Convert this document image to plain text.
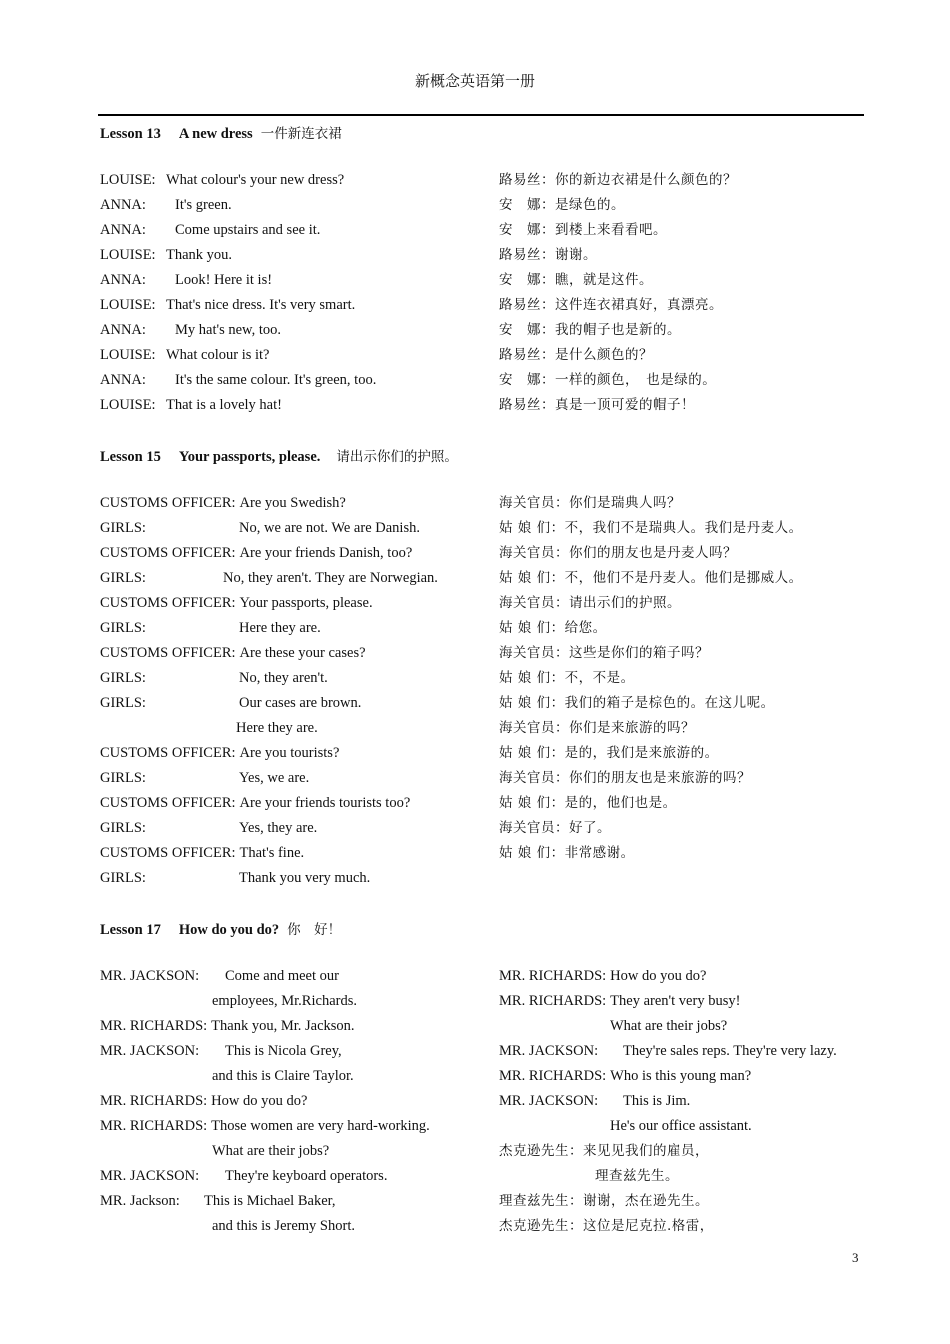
新概念英语第一册
Lesson 13 A new dress 一件新连衣裙
Lesson 15 Your passports, please. 请出示你们的护照。
Lesson 17 How do you do? 你　好！
LOUISE: What colour's your new dress?
ANNA: It's green.
ANNA: Come upstairs and see it.
LOUISE: Thank you.
ANNA: Look! Here it is!
LOUISE: That's nice dress. It's very smart.
ANNA: My hat's new, too.
LOUISE: What colour is it?
ANNA: It's the same colour. It's green, too.
LOUISE: That is a lovely hat!
路易丝：你的新边衣裙是什么颜色的？
安　娜：是绿色的。
安　娜：到楼上来看看吧。
路易丝：谢谢。
安　娜：瞧，就是这件。
路易丝：这件连衣裙真好，真漂亮。
安　娜：我的帽子也是新的。
路易丝：是什么颜色的？
安　娜：一样的颜色，　也是绿的。
路易丝：真是一顶可爱的帽子！
CUSTOMS OFFICER: Are you Swedish?
GIRLS:	No, we are not. We are Danish.
CUSTOMS OFFICER: Are your friends Danish, too?
GIRLS:	No, they aren't. They are Norwegian.
CUSTOMS OFFICER: Your passports, please.
GIRLS:	Here they are.
CUSTOMS OFFICER: Are these your cases?
GIRLS:	No, they aren't.
GIRLS:	Our cases are brown.
Here they are.
CUSTOMS OFFICER: Are you tourists?
GIRLS:	Yes, we are.
CUSTOMS OFFICER: Are your friends tourists too?
GIRLS:	Yes, they are.
CUSTOMS OFFICER: That's fine.
GIRLS:	Thank you very much.
海关官员：你们是瑞典人吗？
姑 娘 们：不，我们不是瑞典人。我们是丹麦人。
海关官员：你们的朋友也是丹麦人吗？
姑 娘 们：不，他们不是丹麦人。他们是挪威人。
海关官员：请出示们的护照。
姑 娘 们：给您。
海关官员：这些是你们的箱子吗？
姑 娘 们：不，不是。
姑 娘 们：我们的箱子是棕色的。在这儿呢。
海关官员：你们是来旅游的吗？
姑 娘 们：是的，我们是来旅游的。
海关官员：你们的朋友也是来旅游的吗？
姑 娘 们：是的，他们也是。
海关官员：好了。
姑 娘 们：非常感谢。
MR. JACKSON: Come and meet our
employees, Mr.Richards.
MR. RICHARDS: Thank you, Mr. Jackson.
MR. JACKSON: This is Nicola Grey,
and this is Claire Taylor.
MR. RICHARDS: How do you do?
MR. RICHARDS: Those women are very hard-working.
What are their jobs?
MR. JACKSON: They're keyboard operators.
MR. Jackson: This is Michael Baker,
and this is Jeremy Short.
MR. RICHARDS: How do you do?
MR. RICHARDS: They aren't very busy!
What are their jobs?
MR. JACKSON: They're sales reps. They're very lazy.
MR. RICHARDS: Who is this young man?
MR. JACKSON: This is Jim.
He's our office assistant.
杰克逊先生：来见见我们的雇员，
理查兹先生。
理查兹先生：谢谢，杰在逊先生。
杰克逊先生：这位是尼克拉.格雷，
3
